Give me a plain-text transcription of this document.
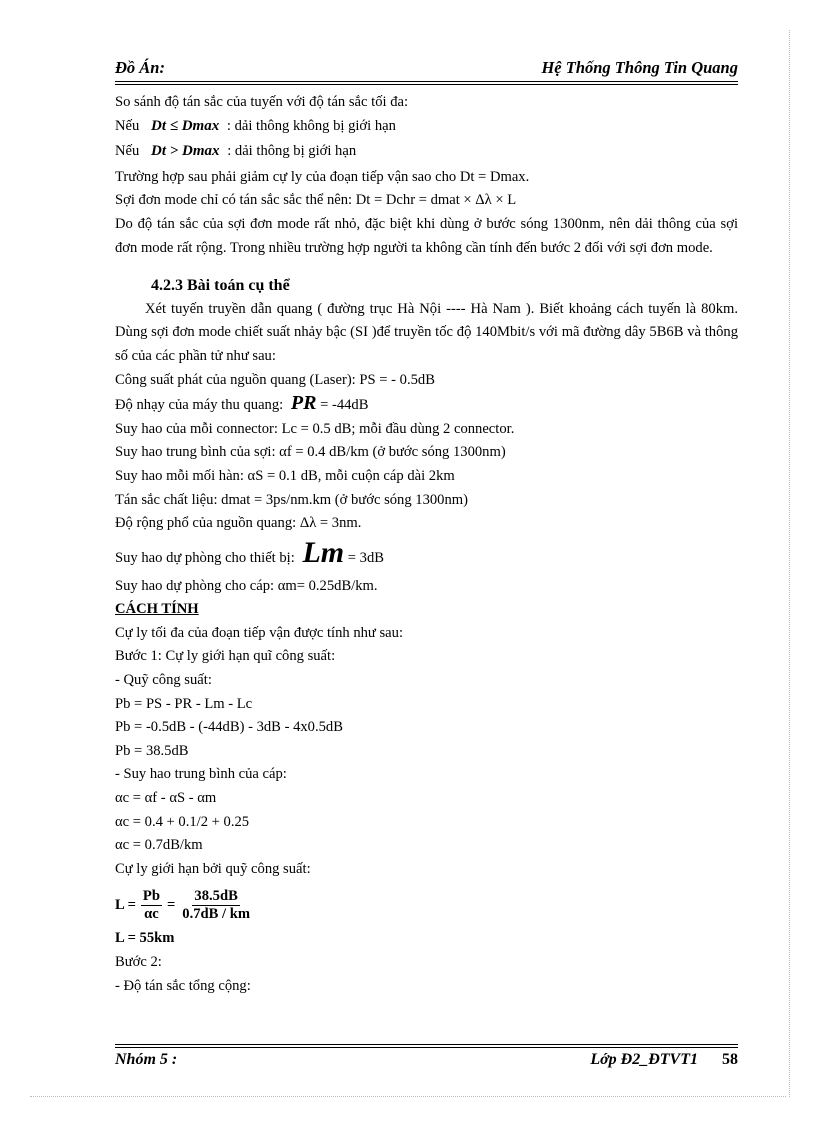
Đồ Án:	Hệ Thống Thông Tin Quang
So sánh độ tán sắc của tuyến với độ tán sắc tối đa:
Nếu Dt ≤ Dmax : dải thông không bị giới hạn
Nếu Dt > Dmax : dải thông bị giới hạn
Trường hợp sau phải giảm cự ly của đoạn tiếp vận sao cho Dt = Dmax.
Sợi đơn mode chỉ có tán sắc sắc thể nên: Dt = Dchr = dmat × Δλ × L
Do độ tán sắc của sợi đơn mode rất nhỏ, đặc biệt khi dùng ở bước sóng 1300nm, nên dải thông của sợi đơn mode rất rộng. Trong nhiều trường hợp người ta không cần tính đến bước 2 đối với sợi đơn mode.
4.2.3 Bài toán cụ thể
Xét tuyến truyền dẫn quang ( đường trục Hà Nội ---- Hà Nam ). Biết khoảng cách tuyến là 80km. Dùng sợi đơn mode chiết suất nhảy bậc (SI )để truyền tốc độ 140Mbit/s với mã đường dây 5B6B và thông số của các phần tử như sau:
Công suất phát của nguồn quang (Laser): PS = - 0.5dB
Độ nhạy của máy thu quang: PR = -44dB
Suy hao của mỗi connector: Lc = 0.5 dB; mỗi đầu dùng 2 connector.
Suy hao trung bình của sợi: αf = 0.4 dB/km (ở bước sóng 1300nm)
Suy hao mỗi mối hàn: αS = 0.1 dB, mỗi cuộn cáp dài 2km
Tán sắc chất liệu: dmat = 3ps/nm.km (ở bước sóng 1300nm)
Độ rộng phổ của nguồn quang: Δλ = 3nm.
Suy hao dự phòng cho thiết bị: Lm = 3dB
Suy hao dự phòng cho cáp: αm= 0.25dB/km.
CÁCH TÍNH
Cự ly tối đa của đoạn tiếp vận được tính như sau:
Bước 1: Cự ly giới hạn quĩ công suất:
- Quỹ công suất:
Pb = PS - PR - Lm - Lc
Pb = -0.5dB - (-44dB) - 3dB - 4x0.5dB
Pb = 38.5dB
- Suy hao trung bình của cáp:
αc = αf - αS - αm
αc = 0.4 + 0.1/2 + 0.25
αc = 0.7dB/km
Cự ly giới hạn bởi quỹ công suất:
$L = \frac{Pb}{\alpha c} = \frac{38.5dB}{0.7dB / km}$
L = 55km
Bước 2:
- Độ tán sắc tổng cộng:
Nhóm 5 :	Lớp Đ2_ĐTVT1 58
